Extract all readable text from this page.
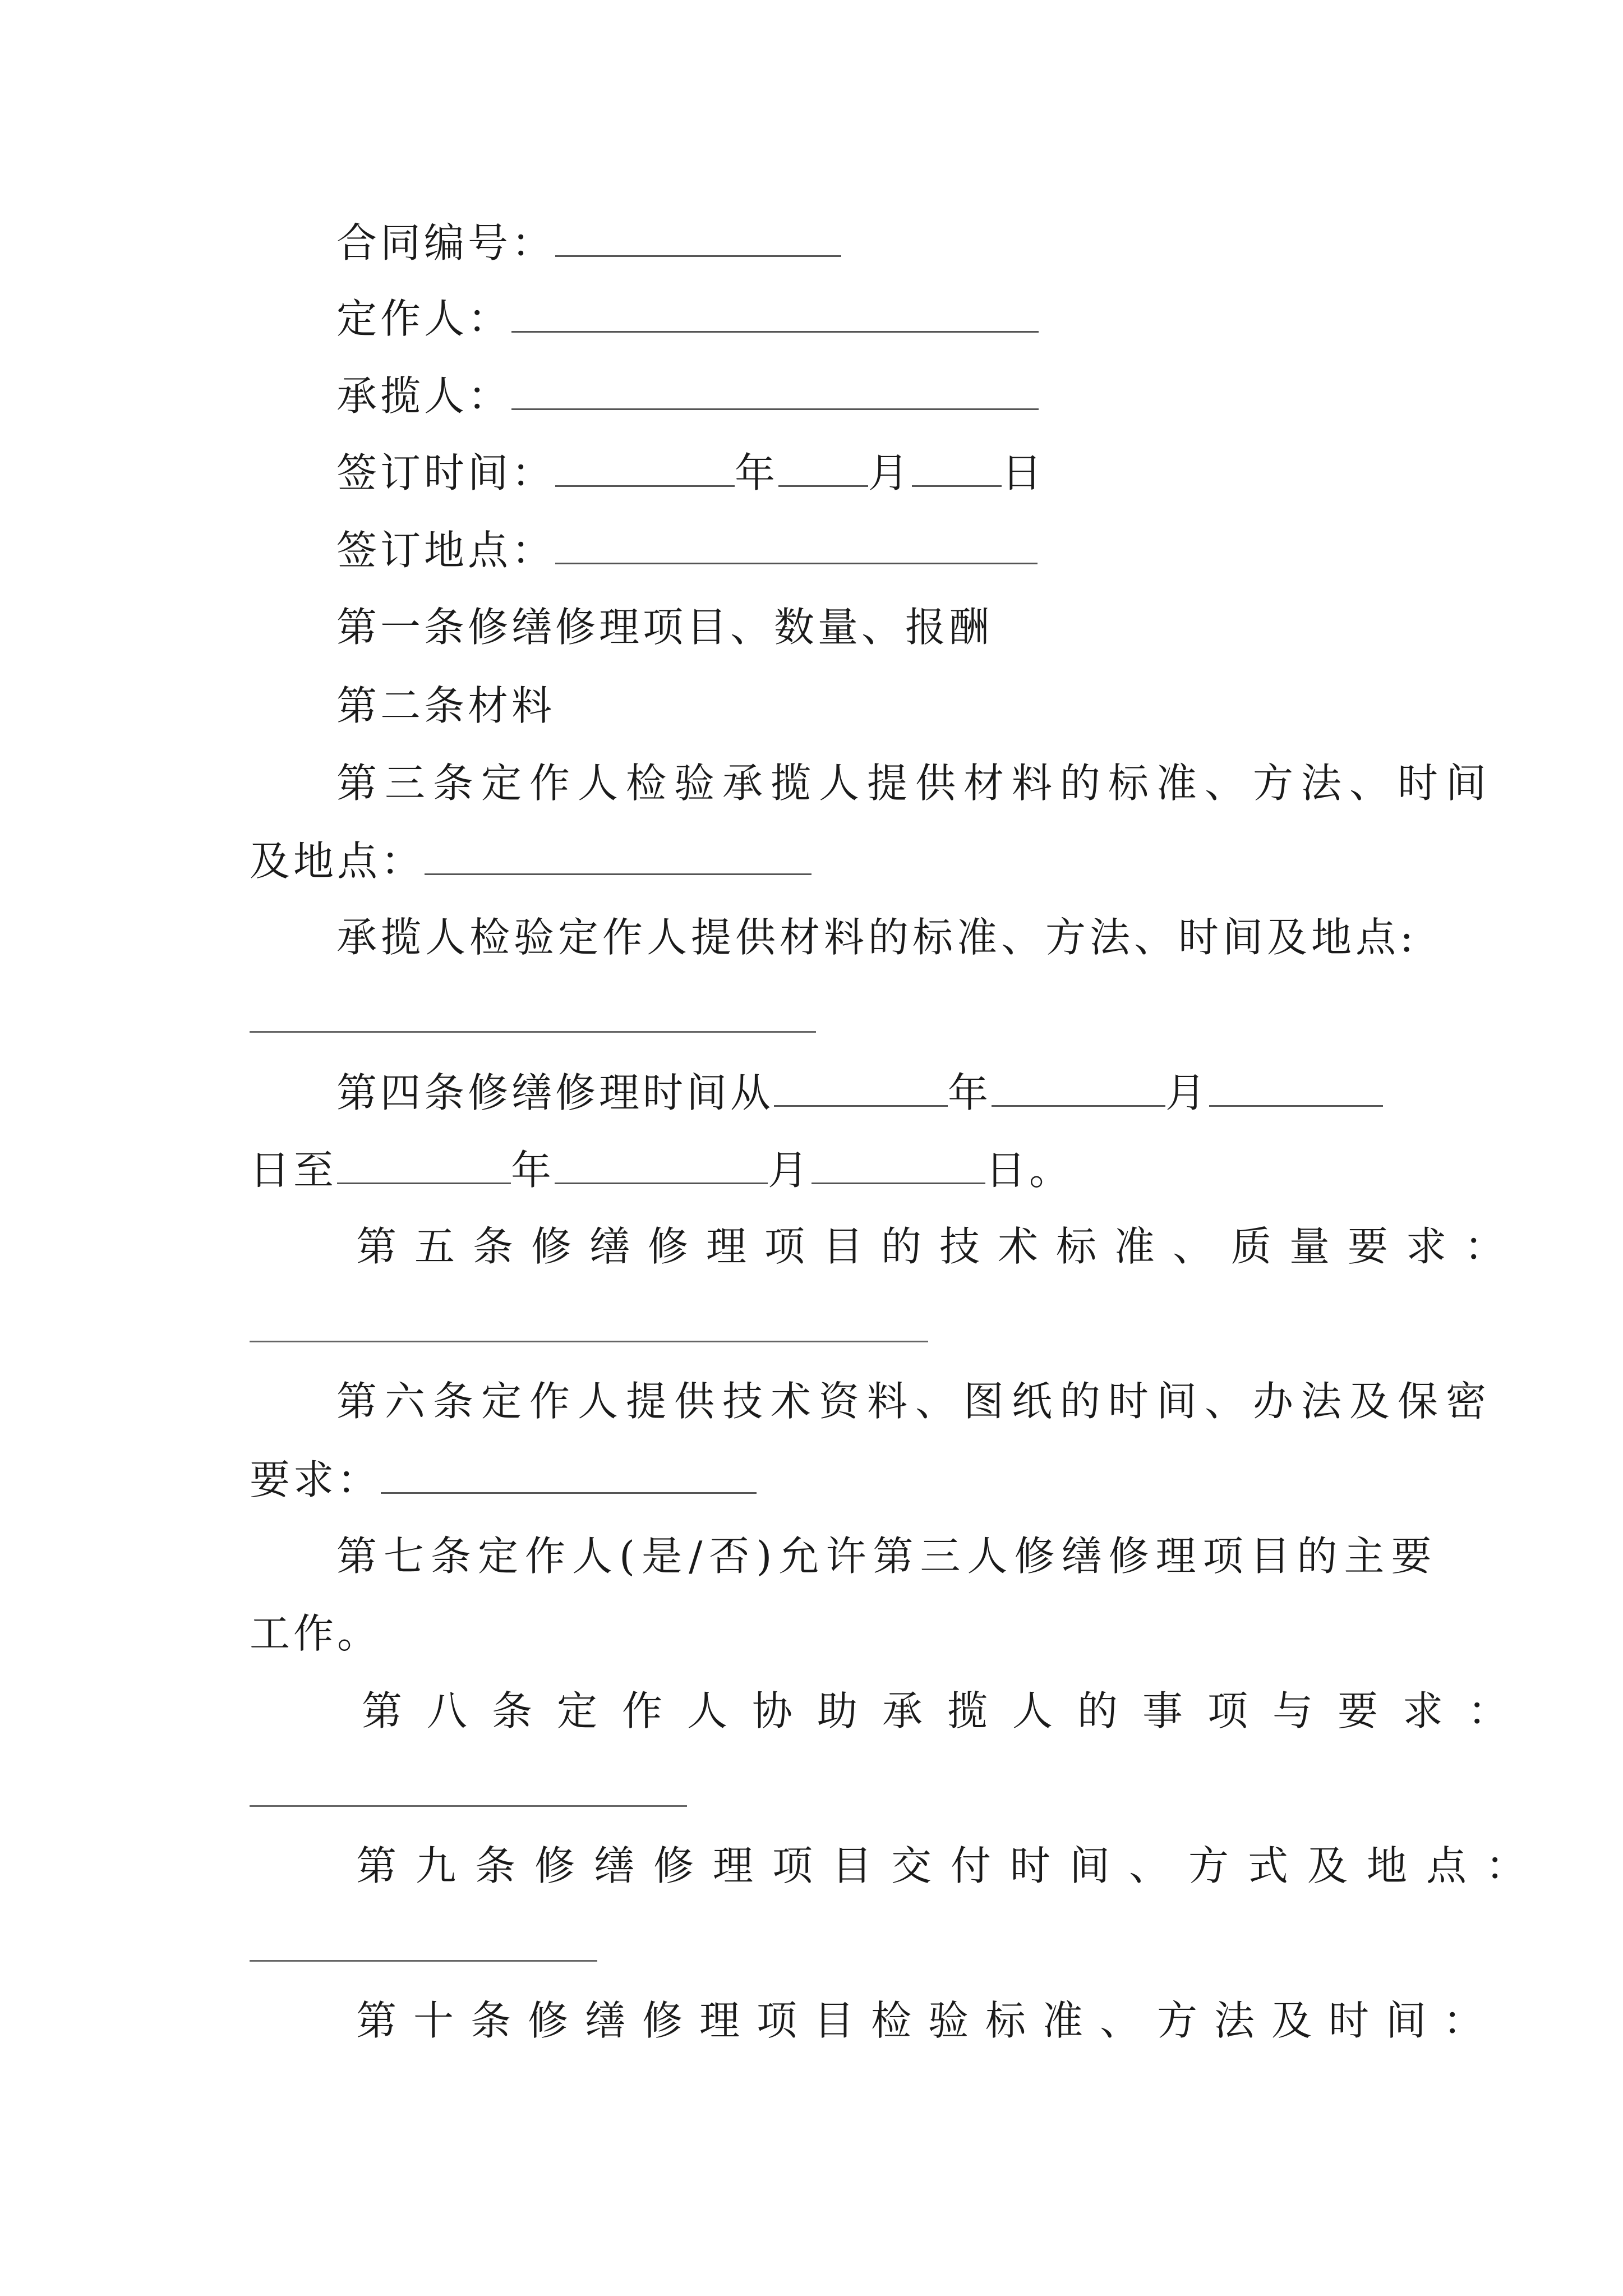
合同编号：
定作人：
承揽人：
签订时间：	年 月 日
签订地点：
第一条修缮修理项目、数量、报酬
第二条材料
第三条定作人检验承揽人提供材料的标准、方法、时间
及地点：
承揽人检验定作人提供材料的标准、方法、时间及地点:
第四条修缮修理时间从	年	月
日至	年	月	日。
第五条修缮修理项目的技术标准、质量要求：
第六条定作人提供技术资料、图纸的时间、办法及保密
要求：
第七条定作人(是/否)允许第三人修缮修理项目的主要
工作。
第八条定作人协助承揽人的事项与要求：
第九条修缮修理项目交付时间、方式及地点：
第十条修缮修理项目检验标准、方法及时间：
